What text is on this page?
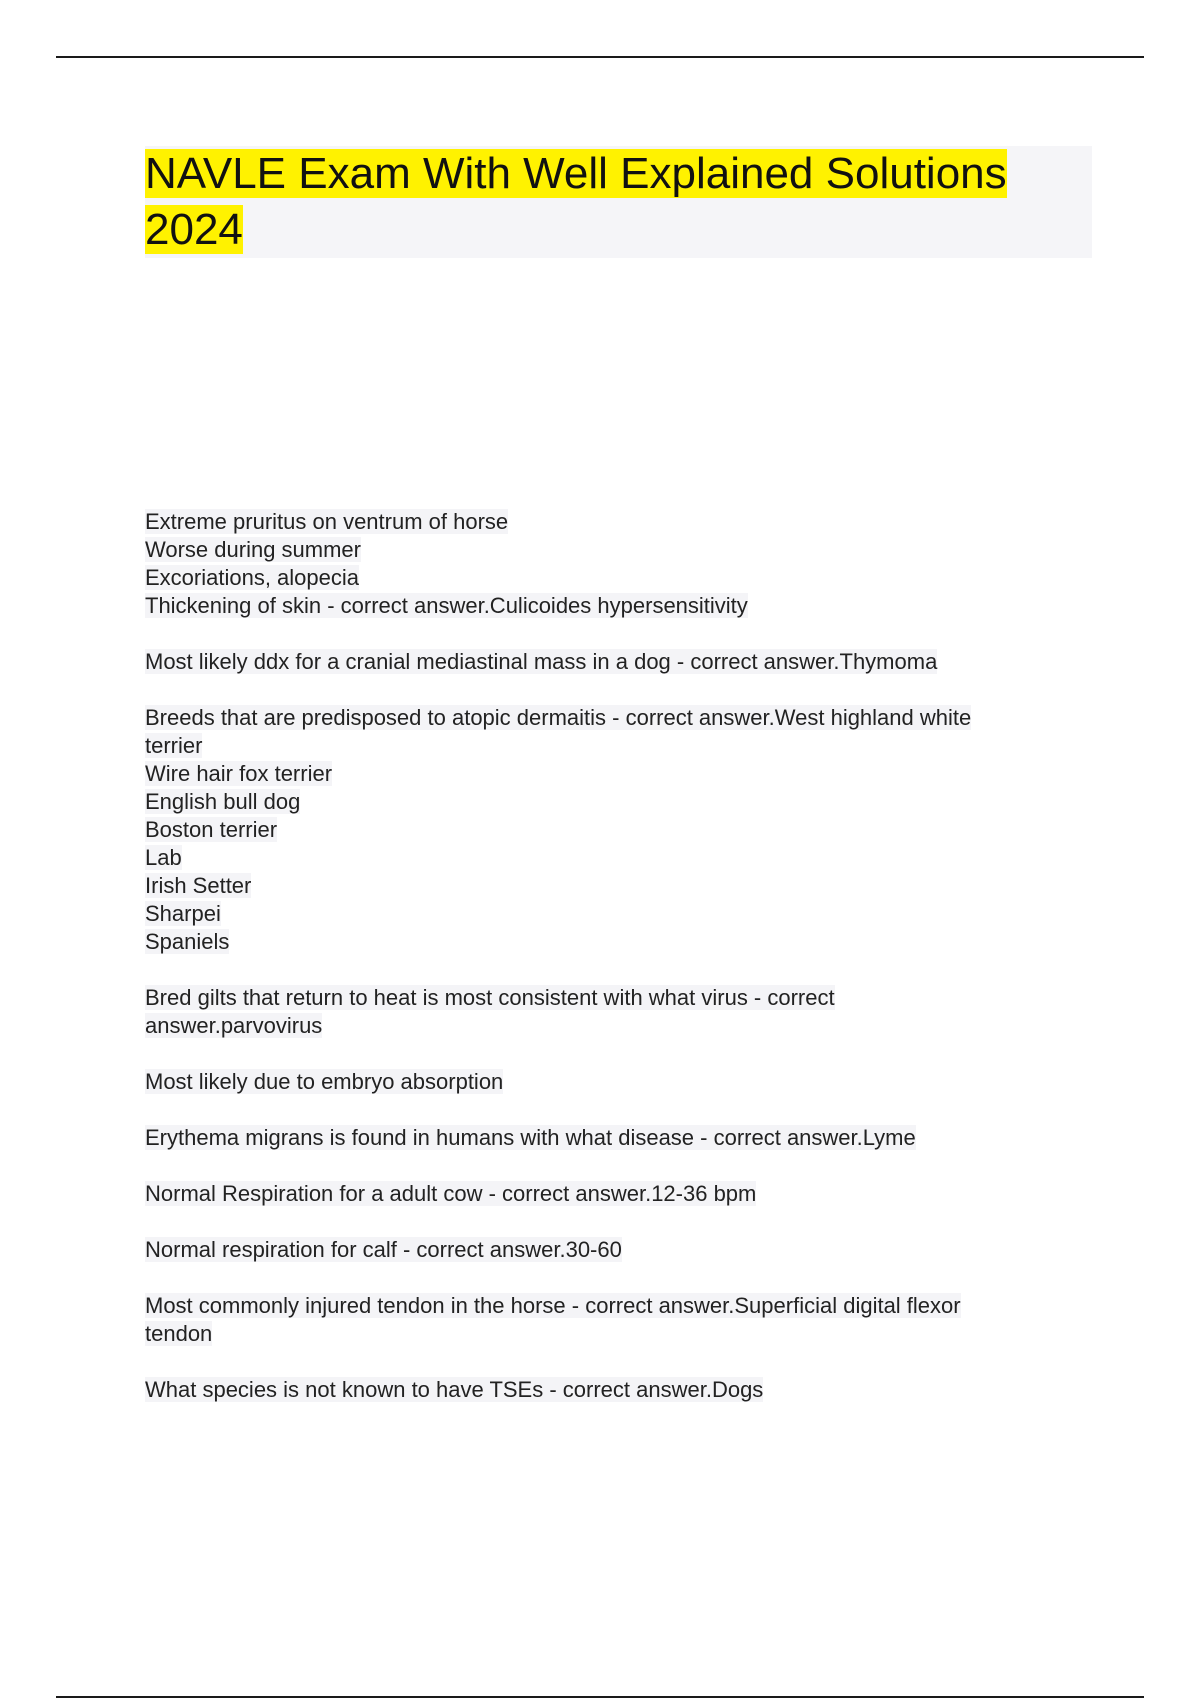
NAVLE Exam With Well Explained Solutions 2024
Extreme pruritus on ventrum of horse
Worse during summer
Excoriations, alopecia
Thickening of skin - correct answer.Culicoides hypersensitivity
Most likely ddx for a cranial mediastinal mass in a dog - correct answer.Thymoma
Breeds that are predisposed to atopic dermaitis - correct answer.West highland white
terrier
Wire hair fox terrier
English bull dog
Boston terrier
Lab
Irish Setter
Sharpei
Spaniels
Bred gilts that return to heat is most consistent with what virus - correct
answer.parvovirus
Most likely due to embryo absorption
Erythema migrans is found in humans with what disease - correct answer.Lyme
Normal Respiration for a adult cow - correct answer.12-36 bpm
Normal respiration for calf - correct answer.30-60
Most commonly injured tendon in the horse - correct answer.Superficial digital flexor
tendon
What species is not known to have TSEs - correct answer.Dogs
